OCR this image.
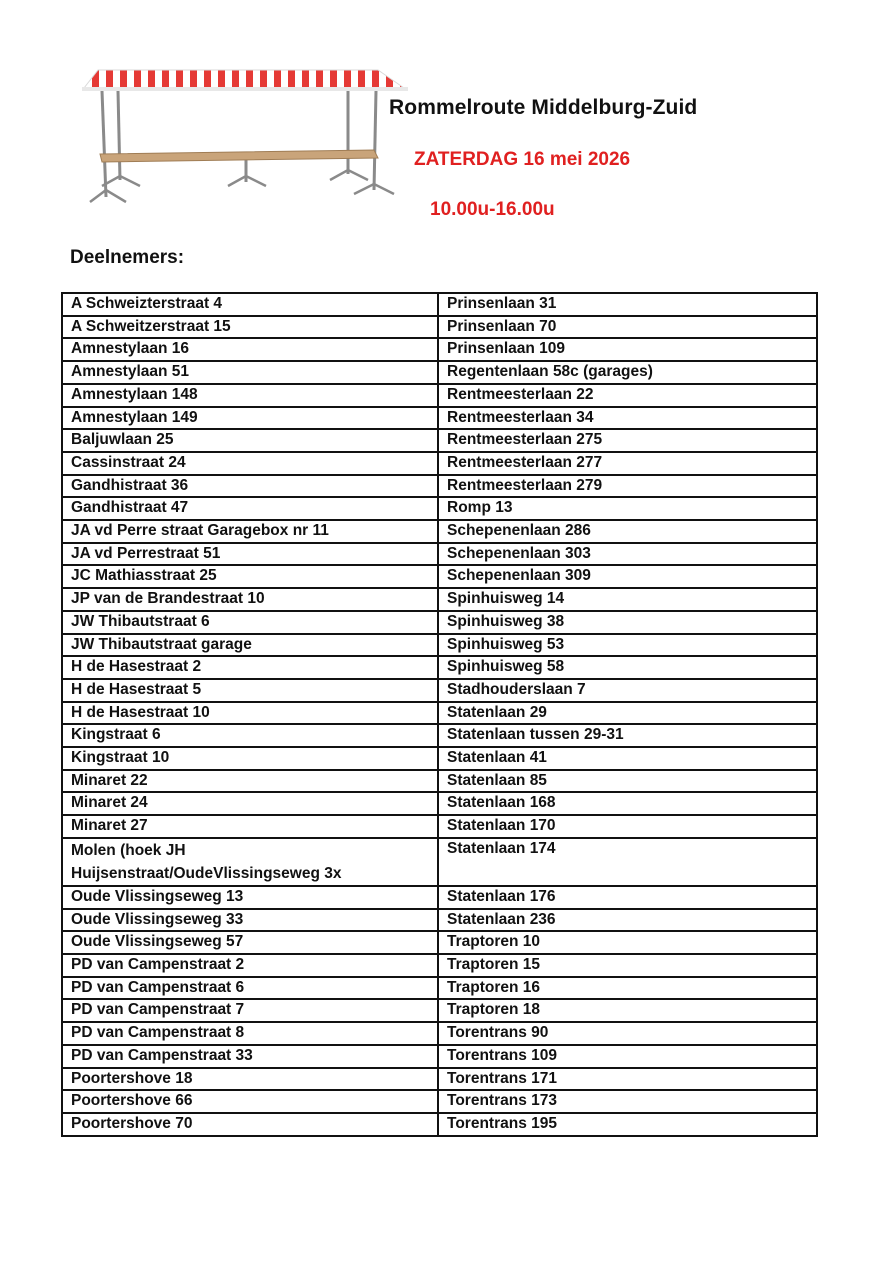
Rommelroute Middelburg-Zuid
ZATERDAG 16 mei 2026
10.00u-16.00u
Deelnemers:
A Schweizterstraat 4	Prinsenlaan 31
A Schweitzerstraat 15	Prinsenlaan 70
Amnestylaan 16	Prinsenlaan 109
Amnestylaan 51	Regentenlaan 58c (garages)
Amnestylaan 148	Rentmeesterlaan 22
Amnestylaan 149	Rentmeesterlaan 34
Baljuwlaan 25	Rentmeesterlaan 275
Cassinstraat 24	Rentmeesterlaan 277
Gandhistraat 36	Rentmeesterlaan 279
Gandhistraat 47	Romp 13
JA vd Perre straat Garagebox nr 11	Schepenenlaan 286
JA vd Perrestraat 51	Schepenenlaan 303
JC Mathiasstraat 25	Schepenenlaan 309
JP van de Brandestraat 10	Spinhuisweg 14
JW Thibautstraat 6	Spinhuisweg 38
JW Thibautstraat garage	Spinhuisweg 53
H de Hasestraat 2	Spinhuisweg 58
H de Hasestraat 5	Stadhouderslaan 7
H de Hasestraat 10	Statenlaan 29
Kingstraat 6	Statenlaan tussen 29-31
Kingstraat 10	Statenlaan 41
Minaret 22	Statenlaan 85
Minaret 24	Statenlaan 168
Minaret 27	Statenlaan 170
Molen (hoek JH Huijsenstraat/OudeVlissingseweg 3x	Statenlaan 174
Oude Vlissingseweg 13	Statenlaan 176
Oude Vlissingseweg 33	Statenlaan 236
Oude Vlissingseweg 57	Traptoren 10
PD van Campenstraat 2	Traptoren 15
PD van Campenstraat 6	Traptoren 16
PD van Campenstraat 7	Traptoren 18
PD van Campenstraat 8	Torentrans 90
PD van Campenstraat 33	Torentrans 109
Poortershove 18	Torentrans 171
Poortershove 66	Torentrans 173
Poortershove 70	Torentrans 195
